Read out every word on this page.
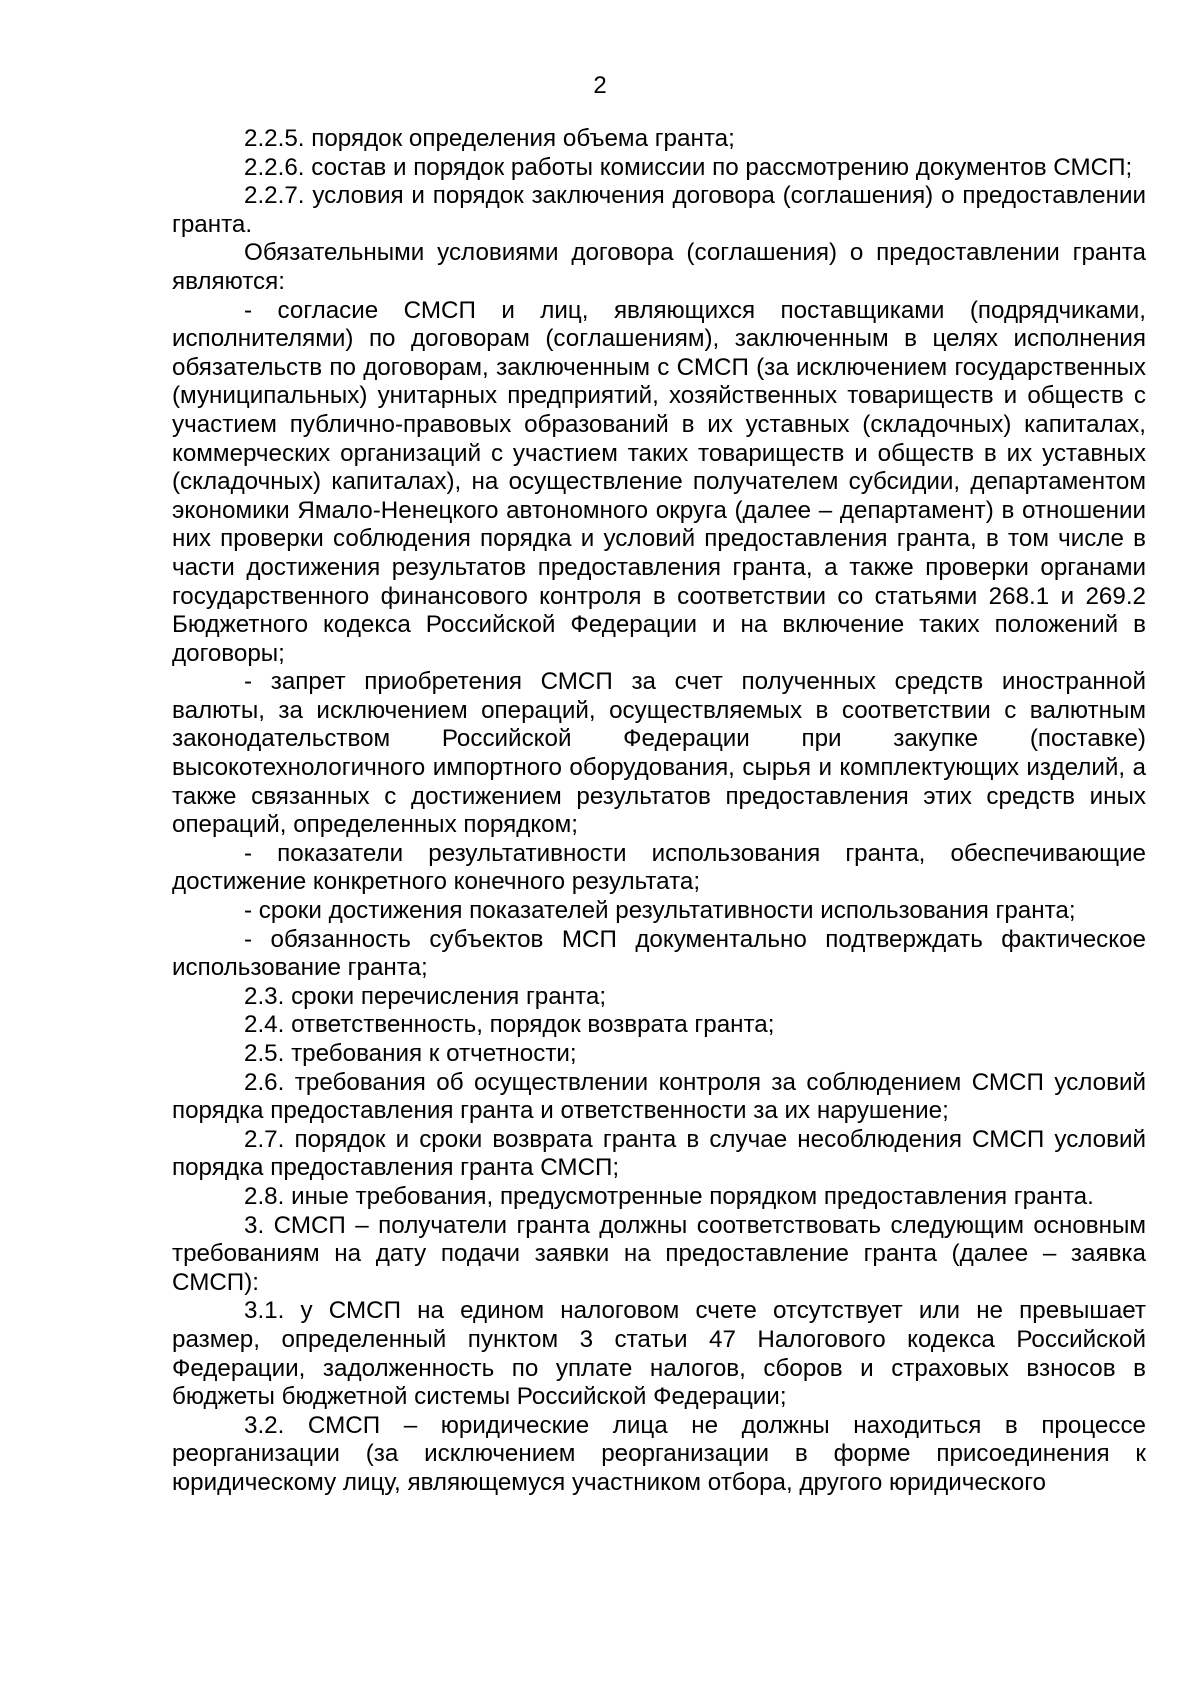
2

2.2.5. порядок определения объема гранта;

2.2.6. состав и порядок работы комиссии по рассмотрению документов СМСП;

2.2.7. условия и порядок заключения договора (соглашения) о предоставлении гранта.

Обязательными условиями договора (соглашения) о предоставлении гранта являются:

- согласие СМСП и лиц, являющихся поставщиками (подрядчиками, исполнителями) по договорам (соглашениям), заключенным в целях исполнения обязательств по договорам, заключенным с СМСП (за исключением государственных (муниципальных) унитарных предприятий, хозяйственных товариществ и обществ с участием публично-правовых образований в их уставных (складочных) капиталах, коммерческих организаций с участием таких товариществ и обществ в их уставных (складочных) капиталах), на осуществление получателем субсидии, департаментом экономики Ямало-Ненецкого автономного округа (далее – департамент) в отношении них проверки соблюдения порядка и условий предоставления гранта, в том числе в части достижения результатов предоставления гранта, а также проверки органами государственного финансового контроля в соответствии со статьями 268.1 и 269.2 Бюджетного кодекса Российской Федерации и на включение таких положений в договоры;

- запрет приобретения СМСП за счет полученных средств иностранной валюты, за исключением операций, осуществляемых в соответствии с валютным законодательством Российской Федерации при закупке (поставке) высокотехнологичного импортного оборудования, сырья и комплектующих изделий, а также связанных с достижением результатов предоставления этих средств иных операций, определенных порядком;

- показатели результативности использования гранта, обеспечивающие достижение конкретного конечного результата;

- сроки достижения показателей результативности использования гранта;

- обязанность субъектов МСП документально подтверждать фактическое использование гранта;

2.3. сроки перечисления гранта;

2.4. ответственность, порядок возврата гранта;

2.5. требования к отчетности;

2.6. требования об осуществлении контроля за соблюдением СМСП условий порядка предоставления гранта и ответственности за их нарушение;

2.7. порядок и сроки возврата гранта в случае несоблюдения СМСП условий порядка предоставления гранта СМСП;

2.8. иные требования, предусмотренные порядком предоставления гранта.

3. СМСП – получатели гранта должны соответствовать следующим основным требованиям на дату подачи заявки на предоставление гранта (далее – заявка СМСП):

3.1. у СМСП на едином налоговом счете отсутствует или не превышает размер, определенный пунктом 3 статьи 47 Налогового кодекса Российской Федерации, задолженность по уплате налогов, сборов и страховых взносов в бюджеты бюджетной системы Российской Федерации;

3.2. СМСП – юридические лица не должны находиться в процессе реорганизации (за исключением реорганизации в форме присоединения к юридическому лицу, являющемуся участником отбора, другого юридического
